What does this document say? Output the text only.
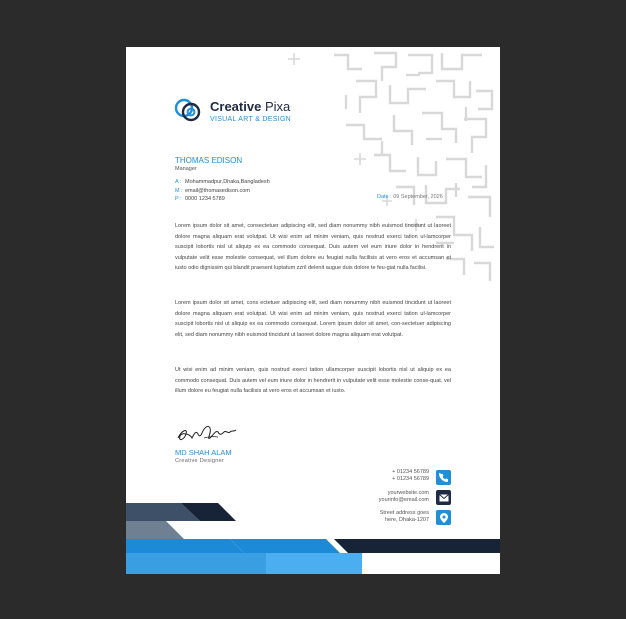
Creative Pixa
VISUAL ART & DESIGN
THOMAS EDISON
Manager
A : Mohammadpur,Dhaka,Bangladesh
M : email@thomasedison.com
P : 0000 1234 5789	Date : 09 September, 2026
Lorem ipsum dolor sit amet, consectetuer adipiscing elit, sed diam nonummy nibh euismod tincidunt ut laoreet dolore magna aliquam erat volutpat. Ut wisi enim ad minim veniam, quis nostrud exerci tation ul-lamcorper suscipit lobortis nisl ut aliquip ex ea commodo consequat. Duis autem vel eum iriure dolor in hendrerit in vulputate velit esse molestie consequat, vel illum dolore eu feugiat nulla facilisis at vero eros et accumsan et iusto odio dignissim qui blandit praesent luptatum zzril delenit augue duis dolore te feu-giat nulla facilisi.
Lorem ipsum dolor sit amet, cons ectetuer adipiscing elit, sed diam nonummy nibh euismod tincidunt ut laoreet dolore magna aliquam erat volutpat. Ut wisi enim ad minim veniam, quis nostrud exerci tation ul-lamcorper suscipit lobortis nisl ut aliquip ex ea commodo consequat. Lorem ipsum dolor sit amet, con-sectetuer adipiscing elit, sed diam nonummy nibh euismod tincidunt ut laoreet dolore magna aliquam erat volutpat.
Ut wisi enim ad minim veniam, quis nostrud exerci tation ullamcorper suscipit lobortis nisl ut aliquip ex ea commodo consequat. Duis autem vel eum iriure dolor in hendrerit in vulputate velit esse molestie conse-quat, vel illum dolore eu feugiat nulla facilisis at vero eros et accumsan et iusto.
MD SHAH ALAM
Creative Designer
+ 01234 56789
+ 01234 56789
yourwebsite.com
yourinfo@email.com
Street address goes
here, Dhaka-1207
